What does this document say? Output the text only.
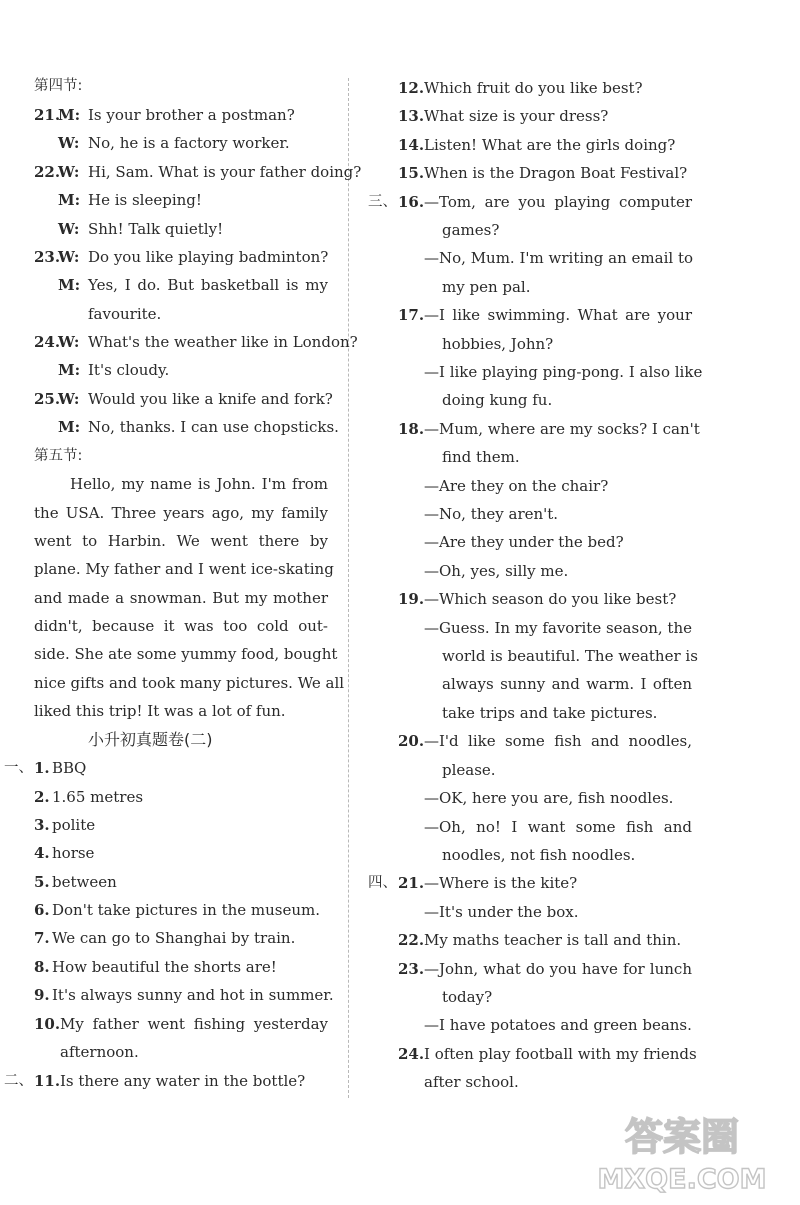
第四节:
21.
M: Is your brother a postman?
W: No, he is a factory worker.
22.
W: Hi, Sam. What is your father doing?
M: He is sleeping!
W: Shh! Talk quietly!
23.
W: Do you like playing badminton?
M: Yes, I do. But basketball is my
favourite.
24.
W: What's the weather like in London?
M: It's cloudy.
25.
W: Would you like a knife and fork?
M: No, thanks. I can use chopsticks.
第五节:
Hello, my name is John. I'm from
the USA. Three years ago, my family
went to Harbin. We went there by
plane. My father and I went ice-skating
and made a snowman. But my mother
didn't, because it was too cold out-
side. She ate some yummy food, bought
nice gifts and took many pictures. We all
liked this trip! It was a lot of fun.
小升初真题卷(二)
一、 1. BBQ
2. 1.65 metres
3. polite
4. horse
5. between
6. Don't take pictures in the museum.
7. We can go to Shanghai by train.
8. How beautiful the shorts are!
9. It's always sunny and hot in summer.
10. My father went fishing yesterday
afternoon.
二、 11. Is there any water in the bottle?
12. Which fruit do you like best?
13. What size is your dress?
14. Listen! What are the girls doing?
15. When is the Dragon Boat Festival?
三、 16. —Tom, are you playing computer
games?
—No, Mum. I'm writing an email to
my pen pal.
17. —I like swimming. What are your
hobbies, John?
—I like playing ping-pong. I also like
doing kung fu.
18. —Mum, where are my socks? I can't
find them.
—Are they on the chair?
—No, they aren't.
—Are they under the bed?
—Oh, yes, silly me.
19. —Which season do you like best?
—Guess. In my favorite season, the
world is beautiful. The weather is
always sunny and warm. I often
take trips and take pictures.
20. —I'd like some fish and noodles,
please.
—OK, here you are, fish noodles.
—Oh, no! I want some fish and
noodles, not fish noodles.
四、 21. —Where is the kite?
—It's under the box.
22. My maths teacher is tall and thin.
23. —John, what do you have for lunch
today?
—I have potatoes and green beans.
24. I often play football with my friends
after school.
答案圈
MXQE.COM
